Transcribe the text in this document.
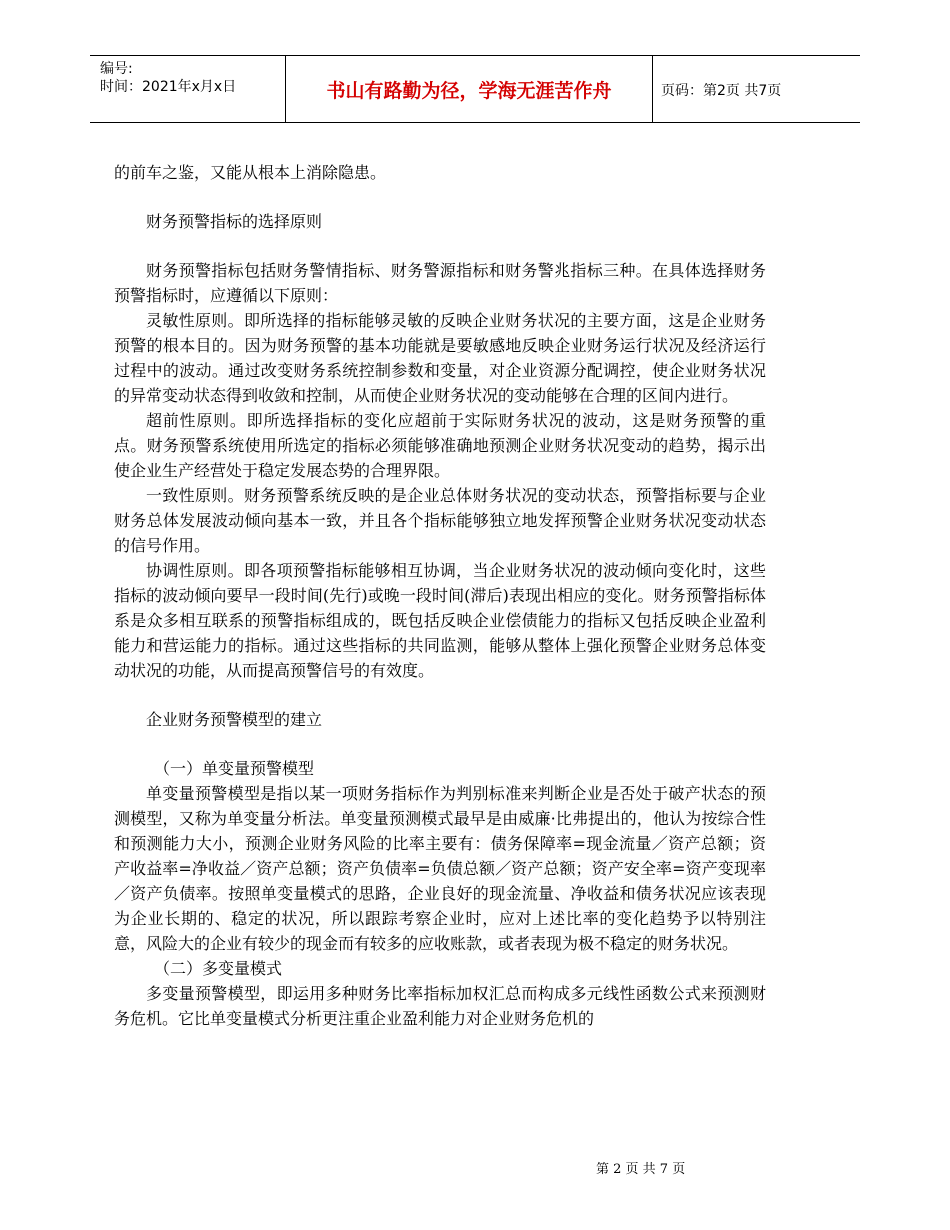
编号:
时间：2021年x月x日	书山有路勤为径，学海无涯苦作舟	页码：第2页 共7页

的前车之鉴，又能从根本上消除隐患。

财务预警指标的选择原则

财务预警指标包括财务警情指标、财务警源指标和财务警兆指标三种。在具体选择财务预警指标时，应遵循以下原则：

灵敏性原则。即所选择的指标能够灵敏的反映企业财务状况的主要方面，这是企业财务预警的根本目的。因为财务预警的基本功能就是要敏感地反映企业财务运行状况及经济运行过程中的波动。通过改变财务系统控制参数和变量，对企业资源分配调控，使企业财务状况的异常变动状态得到收敛和控制，从而使企业财务状况的变动能够在合理的区间内进行。

超前性原则。即所选择指标的变化应超前于实际财务状况的波动，这是财务预警的重点。财务预警系统使用所选定的指标必须能够准确地预测企业财务状况变动的趋势，揭示出使企业生产经营处于稳定发展态势的合理界限。

一致性原则。财务预警系统反映的是企业总体财务状况的变动状态，预警指标要与企业财务总体发展波动倾向基本一致，并且各个指标能够独立地发挥预警企业财务状况变动状态的信号作用。

协调性原则。即各项预警指标能够相互协调，当企业财务状况的波动倾向变化时，这些指标的波动倾向要早一段时间(先行)或晚一段时间(滞后)表现出相应的变化。财务预警指标体系是众多相互联系的预警指标组成的，既包括反映企业偿债能力的指标又包括反映企业盈利能力和营运能力的指标。通过这些指标的共同监测，能够从整体上强化预警企业财务总体变动状况的功能，从而提高预警信号的有效度。

企业财务预警模型的建立

（一）单变量预警模型

单变量预警模型是指以某一项财务指标作为判别标准来判断企业是否处于破产状态的预测模型，又称为单变量分析法。单变量预测模式最早是由威廉·比弗提出的，他认为按综合性和预测能力大小，预测企业财务风险的比率主要有：债务保障率=现金流量／资产总额；资产收益率=净收益／资产总额；资产负债率=负债总额／资产总额；资产安全率=资产变现率／资产负债率。按照单变量模式的思路，企业良好的现金流量、净收益和债务状况应该表现为企业长期的、稳定的状况，所以跟踪考察企业时，应对上述比率的变化趋势予以特别注意，风险大的企业有较少的现金而有较多的应收账款，或者表现为极不稳定的财务状况。

（二）多变量模式

多变量预警模型，即运用多种财务比率指标加权汇总而构成多元线性函数公式来预测财务危机。它比单变量模式分析更注重企业盈利能力对企业财务危机的

第 2 页 共 7 页
